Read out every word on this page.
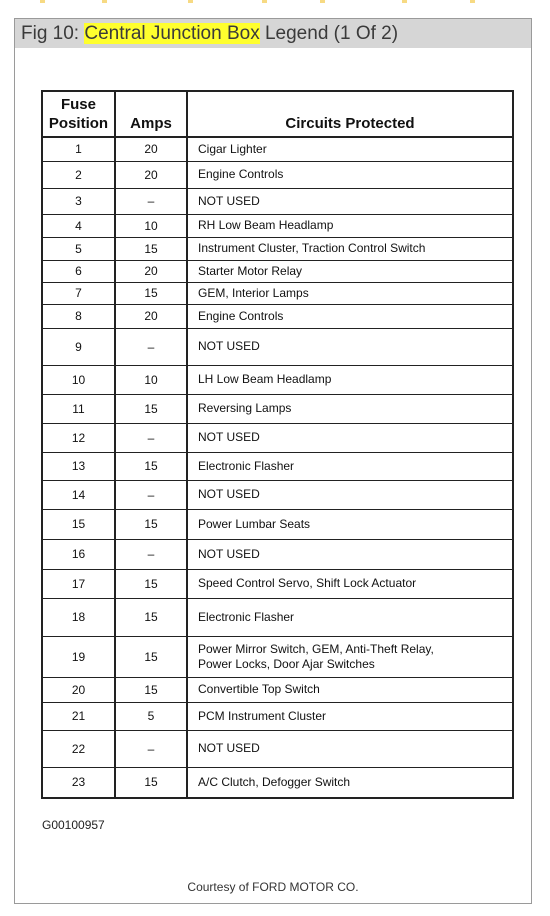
Fig 10: Central Junction Box Legend (1 Of 2)
Fuse
Position	Amps	Circuits Protected
1	20	Cigar Lighter
2	20	Engine Controls
3	–	NOT USED
4	10	RH Low Beam Headlamp
5	15	Instrument Cluster, Traction Control Switch
6	20	Starter Motor Relay
7	15	GEM, Interior Lamps
8	20	Engine Controls
9	–	NOT USED
10	10	LH Low Beam Headlamp
11	15	Reversing Lamps
12	–	NOT USED
13	15	Electronic Flasher
14	–	NOT USED
15	15	Power Lumbar Seats
16	–	NOT USED
17	15	Speed Control Servo, Shift Lock Actuator
18	15	Electronic Flasher
19	15	Power Mirror Switch, GEM, Anti-Theft Relay,
Power Locks, Door Ajar Switches
20	15	Convertible Top Switch
21	5	PCM Instrument Cluster
22	–	NOT USED
23	15	A/C Clutch, Defogger Switch
G00100957
Courtesy of FORD MOTOR CO.
